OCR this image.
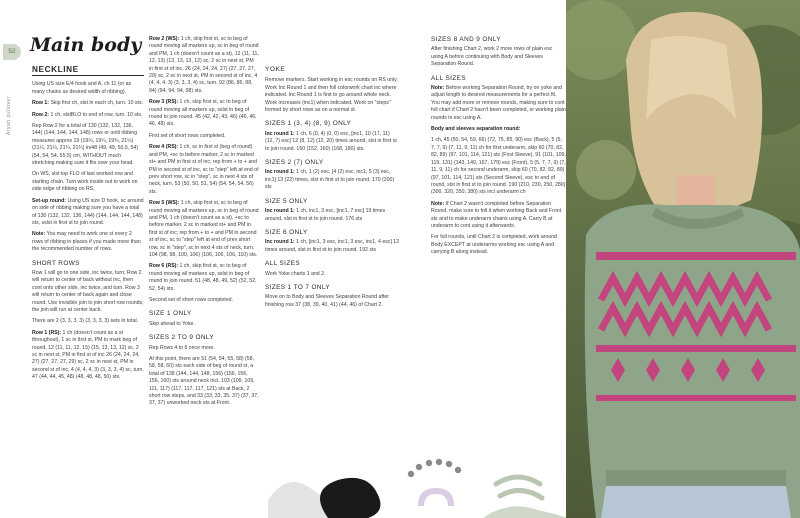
52
Aryah pullover
Main body
NECKLINE

Using US size E/4 hook and A, ch 11 (or as many chains as desired width of ribbing).

Row 1: Skip first ch, slst in each ch, turn. 10 sts.

Row 2: 1 ch, slstBLO to end of row, turn. 10 sts.

Rep Row 2 for a total of 130 (132, 132, 136, 144) (144, 144, 144, 148) rows or until ribbing measures approx 19 (19¼, 19¼, 19¾, 21¼) (21¼, 21¼, 21¼, 21¾) in/48 (49, 49, 50.5, 54) (54, 54, 54, 55.5) cm, WITHOUT much stretching making sure it fits over your head.

On WS, slst top FLO of last worked row and starting chain. Turn work inside out to work on side edge of ribbing on RS.

Set-up round: Using US size D hook, sc around on side of ribbing making sure you have a total of 130 (132, 132, 136, 144) (144, 144, 144, 148) sts, sslst in first st to join round.

Note: You may need to work one st every 2 rows of ribbing in places if you made more than the recommended number of rows.

SHORT ROWS

Row 1 will go to one side, inc twice, turn; Row 2 will return to center of back without inc, then cont onto other side, inc twice, and turn. Row 3 will return to center of back again and close round. Use invisible join to join short row rounds; the join will run at center back.

There are 2 (3, 3, 3, 3) (3, 3, 3, 3) sets in total.

Row 1 (RS): 1 ch (doesn't count as a st throughout), 1 sc in first st, PM to mark beg of round, 12 (11, 11, 12, 15) (15, 13, 13, 12) sc, 2 sc in next st, PM in first st of inc 26 (24, 24, 24, 27) (27, 27, 27, 29) sc, 2 sc in next st, PM in second st of inc, 4 (4, 4, 4, 3) (3, 3, 3, 4) sc, turn. 47 (44, 44, 45, 48) (48, 48, 48, 50) sts.

Row 2 (WS): 1 ch, skip first st, sc to beg of round moving all markers up, sc in beg of round and PM, 1 ch (doesn't count as a st), 12 (11, 11, 12, 13) (13, 13, 13, 12) sc, 2 sc in next st, PM in first st of inc, 26 (24, 24, 24, 27) (27, 27, 27, 29) sc, 2 sc in next st, PM in second st of inc, 4 (4, 4, 4, 3) (3, 3, 3, 4) sc, turn. 92 (86, 86, 88, 94) (94, 94, 94, 98) sts.

Row 3 (RS): 1 ch, skip first st, sc to beg of round moving all markers up, sslst in beg of round to join round. 45 (42, 42, 43, 46) (46, 46, 46, 48) sts.

First set of short rows completed.

Row 4 (RS): 1 ch, sc in first st (beg of round) and PM, +sc to before marker, 2 sc in marked st+ and PM in first st of inc; rep from + to + and PM in second st of inc, sc to "step" left at end of prev short row, sc in "step", sc in next 4 sts of neck, turn. 53 (50, 50, 51, 54) (54, 54, 54, 56) sts.

Row 5 (WS): 1 ch, skip first st, sc to beg of round moving all markers up, sc in beg of round and PM, 1 ch (doesn't count as a st), +sc to before marker, 2 sc in marked st+ and PM in first st of inc; rep from + to + and PM in second st of inc, sc to "step" left at end of prev short row, sc in "step", sc in next 4 sts of neck, turn. 104 (98, 98, 100, 106) (106, 106, 106, 110) sts.

Row 6 (RS): 1 ch, skip first st, sc to beg of round moving all markers up, sslst in beg of round to join round. 51 (48, 48, 49, 52) (52, 52, 52, 54) sts.

Second set of short rows completed.

SIZE 1 ONLY

Skip ahead to Yoke.

SIZES 2 TO 9 ONLY

Rep Rows 4 to 6 once more.

At this point, there are 51 (54, 54, 55, 58) (58, 58, 58, 60) sts each side of beg of round st, a total of 138 (144, 144, 148, 156) (156, 156, 156, 160) sts around neck incl. 103 (109, 109, 111, 117) (117, 117, 117, 121) sts at Back, 2 short row steps, and 33 (33, 33, 35, 37) (37, 37, 37, 37) unworked neck sts at Front.

YOKE

Remove markers. Start working in esc rounds on RS only. Work Inc Round 1 and then foll colorwork chart inc where indicated. Inc Round 1 is first to go around whole neck. Work increases (inc1) when indicated. Work on "steps" formed by short rows as on a normal st.

SIZES 1 (3, 4) (8, 9) ONLY

Inc round 1: 1 ch, 6 (0, 4) (0, 0) esc, [inc1, 10 (17, 11) (12, 7) esc] 12 (8, 12) (12, 20) times around, slst in first st to join round. 150 (152, 160) (168, 180) sts.

SIZES 2 (7) ONLY

Inc round 1: 1 ch, 1 (2) esc, [4 (2) esc, inc1, 5 (3) esc, inc1] 13 (22) times, slst in first st to join round. 170 (200) sts

SIZE 5 ONLY

Inc round 1: 1 ch, inc1, 3 esc, [inc1, 7 esc] 19 times around, slst in first st to join round. 176 sts

SIZE 6 ONLY

Inc round 1: 1 ch, [inc1, 3 esc, inc1, 3 esc, inc1, 4 esc] 12 times around, slst in first st to join round. 192 sts

ALL SIZES

Work Yoke charts 1 and 2.

SIZES 1 TO 7 ONLY

Move on to Body and Sleeves Separation Round after finishing row 37 (38, 39, 40, 41) (44, 46) of Chart 2.

SIZES 8 AND 9 ONLY

After finishing Chart 2, work 2 more rows of plain esc using A before continuing with Body and Sleeves Separation Round.

ALL SIZES

Note: Before working Separation Round, try on yoke and adjust length to desired measurements for a perfect fit. You may add more or remove rounds, making sure to cont foll chart if Chart 2 hasn't been completed, or working plain rounds in esc using A.

Body and sleeves separation round:

1 ch, 45 (50, 54, 59, 66) (72, 75, 85, 90) esc (Back), 5 (5, 7, 7, 9) (7, 11, 9, 11) ch for first underarm, skip 60 (70, 82, 82, 89) (97, 101, 114, 121) sts (First Sleeve), 91 (101, 109, 119, 131) (143, 149, 167, 179) esc (Front), 5 (5, 7, 7, 9) (7, 11, 9, 11) ch for second underarm, skip 60 (70, 82, 82, 89) (97, 101, 114, 121) sts (Second Sleeve), esc to end of round, slst in first st to join round. 190 (210, 230, 250, 280) (300, 320, 350, 380) sts incl underarm ch

Note: If Chart 2 wasn't completed before Separation Round, make sure to foll it when working Back and Front sts and to make underarm chains using A. Carry B at underarm to cont using it afterwards.

For full rounds, until Chart 2 is completed, work around Body EXCEPT at underarms working esc using A and carrying B along instead.
